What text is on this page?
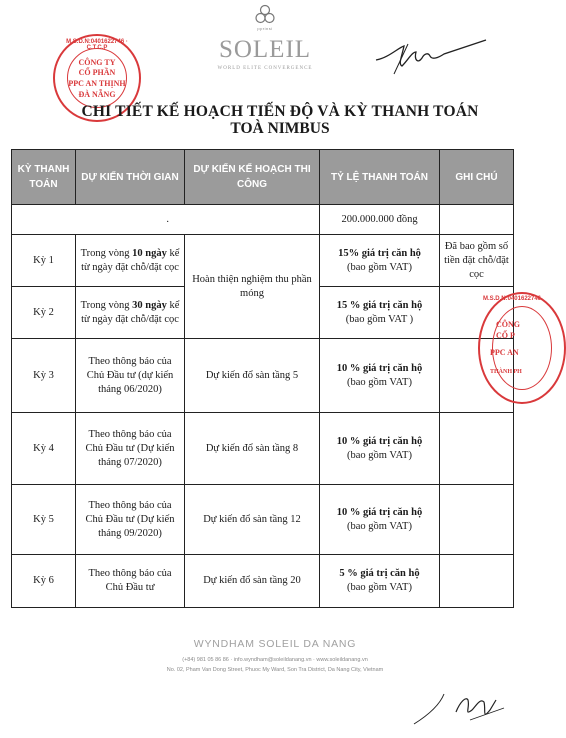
pprinsi
SOLEIL
WORLD ELITE CONVERGENCE
M.S.D.N:0401622746 · C.T.C.P
CÔNG TY
CỔ PHẦN
PPC AN THỊNH
ĐÀ NẴNG
CHI TIẾT KẾ HOẠCH TIẾN ĐỘ VÀ KỲ THANH TOÁN
TOÀ NIMBUS
KỲ THANH TOÁN	DỰ KIẾN THỜI GIAN	DỰ KIẾN KẾ HOẠCH THI CÔNG	TỶ LỆ THANH TOÁN	GHI CHÚ
.			200.000.000 đồng	
Kỳ 1	Trong vòng 10 ngày kể từ ngày đặt chỗ/đặt cọc	Hoàn thiện nghiệm thu phần móng	15% giá trị căn hộ
(bao gồm VAT)	Đã bao gồm số tiền đặt chỗ/đặt cọc
Kỳ 2	Trong vòng 30 ngày kể từ ngày đặt chỗ/đặt cọc		15 % giá trị căn hộ
(bao gồm VAT )	
Kỳ 3	Theo thông báo của Chủ Đầu tư (dự kiến tháng 06/2020)	Dự kiến đổ sàn tầng 5	10 % giá trị căn hộ
(bao gồm VAT)	
Kỳ 4	Theo thông báo của Chủ Đầu tư (Dự kiến tháng 07/2020)	Dự kiến đổ sàn tầng 8	10 % giá trị căn hộ
(bao gồm VAT)	
Kỳ 5	Theo thông báo của Chủ Đầu tư (Dự kiến tháng 09/2020)	Dự kiến đổ sàn tầng 12	10 % giá trị căn hộ
(bao gồm VAT)	
Kỳ 6	Theo thông báo của Chủ Đầu tư	Dự kiến đổ sàn tầng 20	5 % giá trị căn hộ
(bao gồm VAT)	
M.S.D.N:0401622746
CÔNG
CỔ P
PPC AN
THÀNH PH
WYNDHAM SOLEIL DA NANG
(+84) 981 05 86 86 · info.wyndham@soleildanang.vn · www.soleildanang.vn
No. 02, Pham Van Dong Street, Phuoc My Ward, Son Tra District, Da Nang City, Vietnam
